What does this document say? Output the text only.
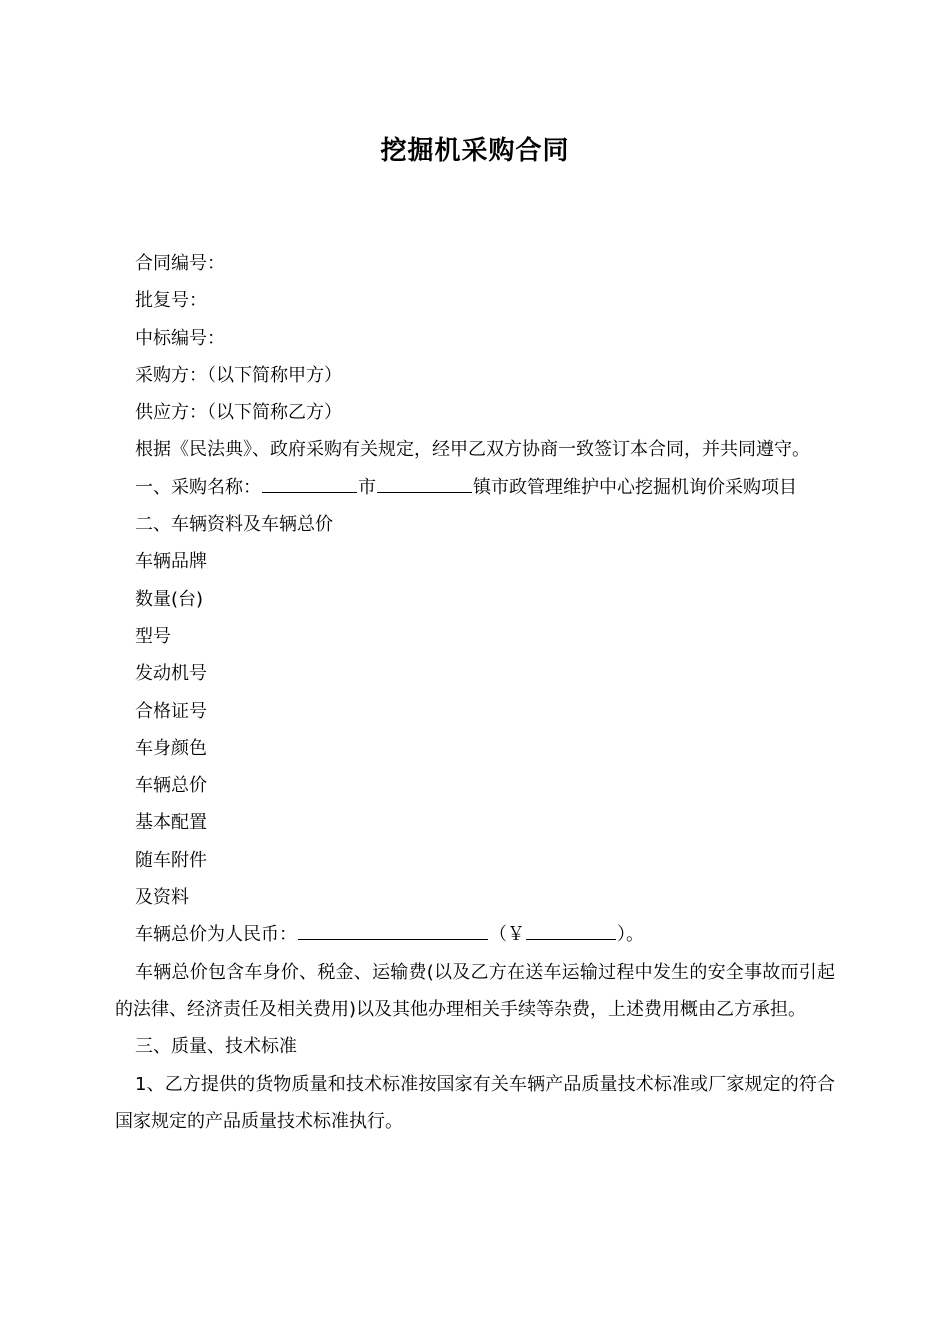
挖掘机采购合同
合同编号：
批复号：
中标编号：
采购方：（以下简称甲方）
供应方：（以下简称乙方）
根据《民法典》、政府采购有关规定，经甲乙双方协商一致签订本合同，并共同遵守。
一、采购名称：	市	镇市政管理维护中心挖掘机询价采购项目
二、车辆资料及车辆总价
车辆品牌
数量(台)
型号
发动机号
合格证号
车身颜色
车辆总价
基本配置
随车附件
及资料
车辆总价为人民币：	（￥	）。
车辆总价包含车身价、税金、运输费(以及乙方在送车运输过程中发生的安全事故而引起的法律、经济责任及相关费用)以及其他办理相关手续等杂费，上述费用概由乙方承担。
三、质量、技术标准
1、乙方提供的货物质量和技术标准按国家有关车辆产品质量技术标准或厂家规定的符合国家规定的产品质量技术标准执行。
